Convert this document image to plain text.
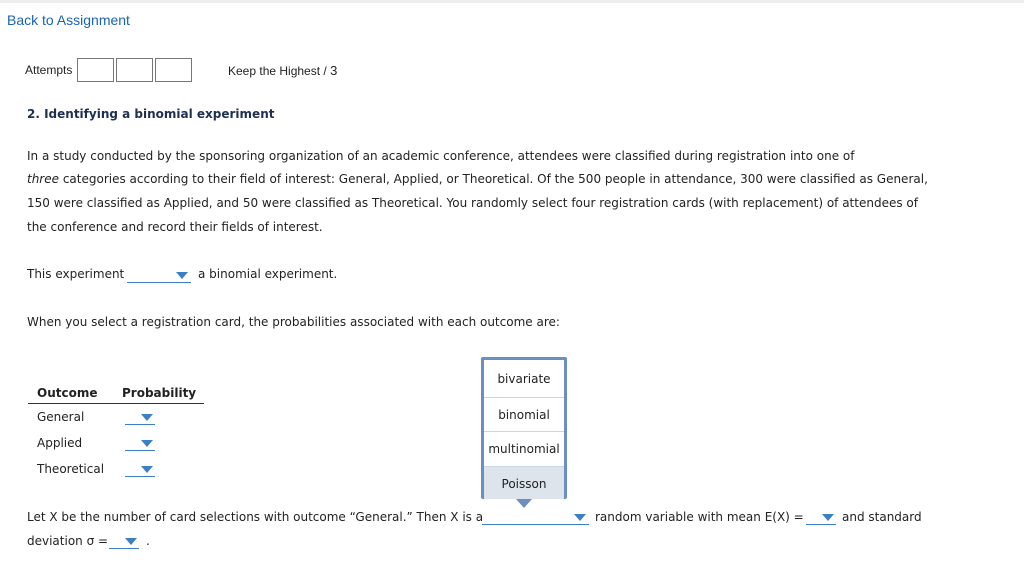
Back to Assignment
Attempts	Keep the Highest / 3
2. Identifying a binomial experiment
In a study conducted by the sponsoring organization of an academic conference, attendees were classified during registration into one of
three categories according to their field of interest: General, Applied, or Theoretical. Of the 500 people in attendance, 300 were classified as General,
150 were classified as Applied, and 50 were classified as Theoretical. You randomly select four registration cards (with replacement) of attendees of
the conference and record their fields of interest.
This experiment	a binomial experiment.
When you select a registration card, the probabilities associated with each outcome are:
Outcome Probability
General
Applied
Theoretical
bivariate
binomial
multinomial
Poisson
Let X be the number of card selections with outcome “General.” Then X is a	random variable with mean E(X) =	and standard
deviation σ =	.
